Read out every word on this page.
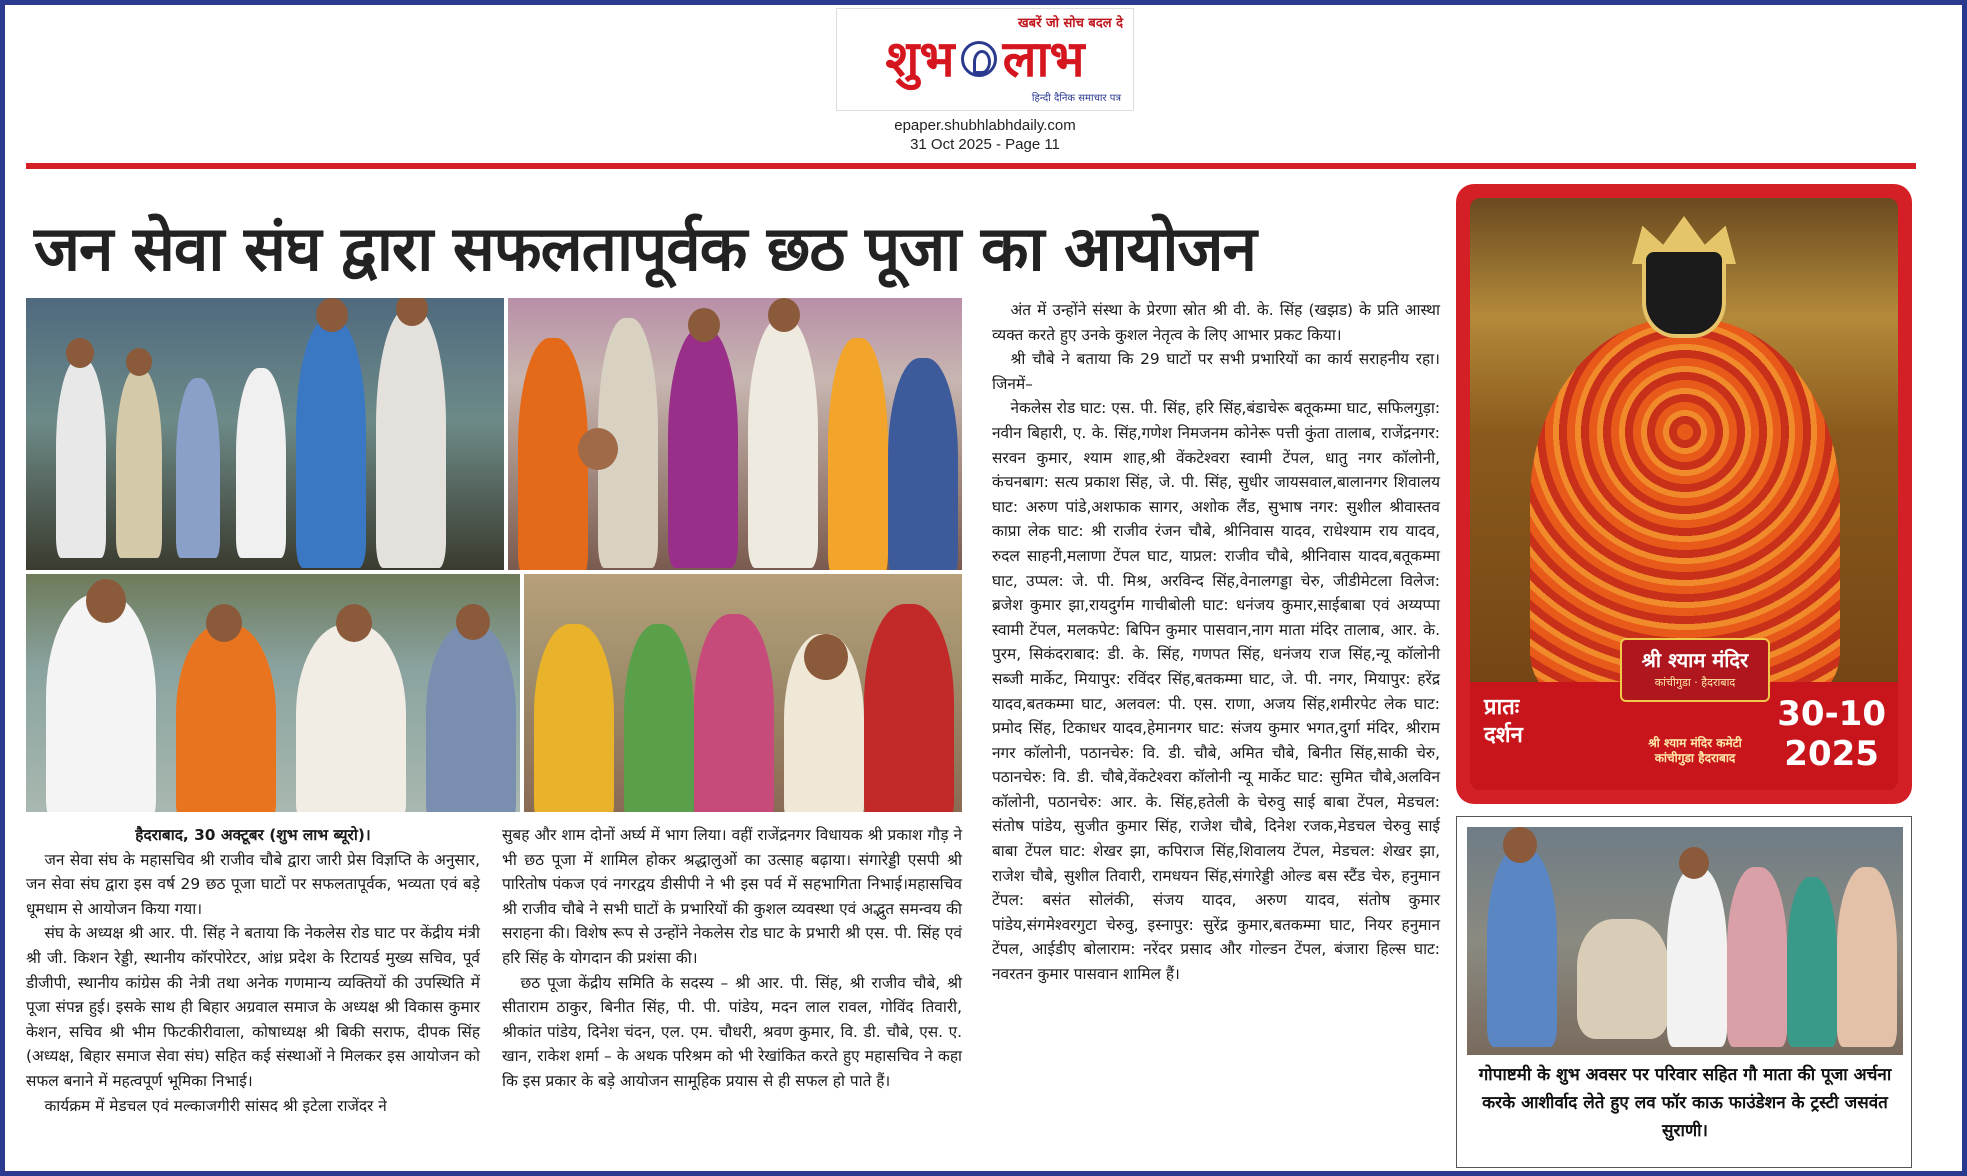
खबरें जो सोच बदल दे
शुभ लाभ
हिन्दी दैनिक समाचार पत्र
epaper.shubhlabhdaily.com
31 Oct 2025 - Page 11
जन सेवा संघ द्वारा सफलतापूर्वक छठ पूजा का आयोजन

हैदराबाद, 30 अक्टूबर (शुभ लाभ ब्यूरो)।

जन सेवा संघ के महासचिव श्री राजीव चौबे द्वारा जारी प्रेस विज्ञप्ति के अनुसार, जन सेवा संघ द्वारा इस वर्ष 29 छठ पूजा घाटों पर सफलतापूर्वक, भव्यता एवं बड़े धूमधाम से आयोजन किया गया।

संघ के अध्यक्ष श्री आर. पी. सिंह ने बताया कि नेकलेस रोड घाट पर केंद्रीय मंत्री श्री जी. किशन रेड्डी, स्थानीय कॉरपोरेटर, आंध्र प्रदेश के रिटायर्ड मुख्य सचिव, पूर्व डीजीपी, स्थानीय कांग्रेस की नेत्री तथा अनेक गणमान्य व्यक्तियों की उपस्थिति में पूजा संपन्न हुई। इसके साथ ही बिहार अग्रवाल समाज के अध्यक्ष श्री विकास कुमार केशन, सचिव श्री भीम फिटकीरीवाला, कोषाध्यक्ष श्री बिकी सराफ, दीपक सिंह (अध्यक्ष, बिहार समाज सेवा संघ) सहित कई संस्थाओं ने मिलकर इस आयोजन को सफल बनाने में महत्वपूर्ण भूमिका निभाई।

कार्यक्रम में मेडचल एवं मल्काजगीरी सांसद श्री इटेला राजेंदर ने

सुबह और शाम दोनों अर्घ्य में भाग लिया। वहीं राजेंद्रनगर विधायक श्री प्रकाश गौड़ ने भी छठ पूजा में शामिल होकर श्रद्धालुओं का उत्साह बढ़ाया। संगारेड्डी एसपी श्री पारितोष पंकज एवं नगरद्वय डीसीपी ने भी इस पर्व में सहभागिता निभाई।महासचिव श्री राजीव चौबे ने सभी घाटों के प्रभारियों की कुशल व्यवस्था एवं अद्भुत समन्वय की सराहना की। विशेष रूप से उन्होंने नेकलेस रोड घाट के प्रभारी श्री एस. पी. सिंह एवं हरि सिंह के योगदान की प्रशंसा की।

छठ पूजा केंद्रीय समिति के सदस्य – श्री आर. पी. सिंह, श्री राजीव चौबे, श्री सीताराम ठाकुर, बिनीत सिंह, पी. पी. पांडेय, मदन लाल रावल, गोविंद तिवारी, श्रीकांत पांडेय, दिनेश चंदन, एल. एम. चौधरी, श्रवण कुमार, वि. डी. चौबे, एस. ए. खान, राकेश शर्मा – के अथक परिश्रम को भी रेखांकित करते हुए महासचिव ने कहा कि इस प्रकार के बड़े आयोजन सामूहिक प्रयास से ही सफल हो पाते हैं।

अंत में उन्होंने संस्था के प्रेरणा स्रोत श्री वी. के. सिंह (खझड) के प्रति आस्था व्यक्त करते हुए उनके कुशल नेतृत्व के लिए आभार प्रकट किया।

श्री चौबे ने बताया कि 29 घाटों पर सभी प्रभारियों का कार्य सराहनीय रहा। जिनमें–

नेकलेस रोड घाट: एस. पी. सिंह, हरि सिंह,बंडाचेरू बतूकम्मा घाट, सफिलगुड़ा: नवीन बिहारी, ए. के. सिंह,गणेश निमजनम कोनेरू पत्ती कुंता तालाब, राजेंद्रनगर: सरवन कुमार, श्याम शाह,श्री वेंकटेश्वरा स्वामी टेंपल, धातु नगर कॉलोनी, कंचनबाग: सत्य प्रकाश सिंह, जे. पी. सिंह, सुधीर जायसवाल,बालानगर शिवालय घाट: अरुण पांडे,अशफाक सागर, अशोक लैंड, सुभाष नगर: सुशील श्रीवास्तव काप्रा लेक घाट: श्री राजीव रंजन चौबे, श्रीनिवास यादव, राधेश्याम राय यादव, रुदल साहनी,मलाणा टेंपल घाट, याप्रल: राजीव चौबे, श्रीनिवास यादव,बतूकम्मा घाट, उप्पल: जे. पी. मिश्र, अरविन्द सिंह,वेनालगड्डा चेरु, जीडीमेटला विलेज: ब्रजेश कुमार झा,रायदुर्गम गाचीबोली घाट: धनंजय कुमार,साईबाबा एवं अय्यप्पा स्वामी टेंपल, मलकपेट: बिपिन कुमार पासवान,नाग माता मंदिर तालाब, आर. के. पुरम, सिकंदराबाद: डी. के. सिंह, गणपत सिंह, धनंजय राज सिंह,न्यू कॉलोनी सब्जी मार्केट, मियापुर: रविंदर सिंह,बतकम्मा घाट, जे. पी. नगर, मियापुर: हरेंद्र यादव,बतकम्मा घाट, अलवल: पी. एस. राणा, अजय सिंह,शमीरपेट लेक घाट: प्रमोद सिंह, टिकाधर यादव,हेमानगर घाट: संजय कुमार भगत,दुर्गा मंदिर, श्रीराम नगर कॉलोनी, पठानचेरु: वि. डी. चौबे, अमित चौबे, बिनीत सिंह,साकी चेरु, पठानचेरु: वि. डी. चौबे,वेंकटेश्वरा कॉलोनी न्यू मार्केट घाट: सुमित चौबे,अलविन कॉलोनी, पठानचेरु: आर. के. सिंह,हतेली के चेरुवु साई बाबा टेंपल, मेडचल: संतोष पांडेय, सुजीत कुमार सिंह, राजेश चौबे, दिनेश रजक,मेडचल चेरुवु साई बाबा टेंपल घाट: शेखर झा, कपिराज सिंह,शिवालय टेंपल, मेडचल: शेखर झा, राजेश चौबे, सुशील तिवारी, रामधयन सिंह,संगारेड्डी ओल्ड बस स्टैंड चेरु, हनुमान टेंपल: बसंत सोलंकी, संजय यादव, अरुण यादव, संतोष कुमार पांडेय,संगमेश्वरगुटा चेरुवु, इस्नापुर: सुरेंद्र कुमार,बतकम्मा घाट, नियर हनुमान टेंपल, आईडीए बोलाराम: नरेंदर प्रसाद और गोल्डन टेंपल, बंजारा हिल्स घाट: नवरतन कुमार पासवान शामिल हैं।

प्रातः
दर्शन
श्री श्याम मंदिर
कांचीगुडा · हैदराबाद
श्री श्याम मंदिर कमेटी
कांचीगुडा हैदराबाद
30-10
2025
गोपाष्टमी के शुभ अवसर पर परिवार सहित गौ माता की पूजा अर्चना करके आशीर्वाद लेते हुए लव फॉर काऊ फाउंडेशन के ट्रस्टी जसवंत सुराणी।
